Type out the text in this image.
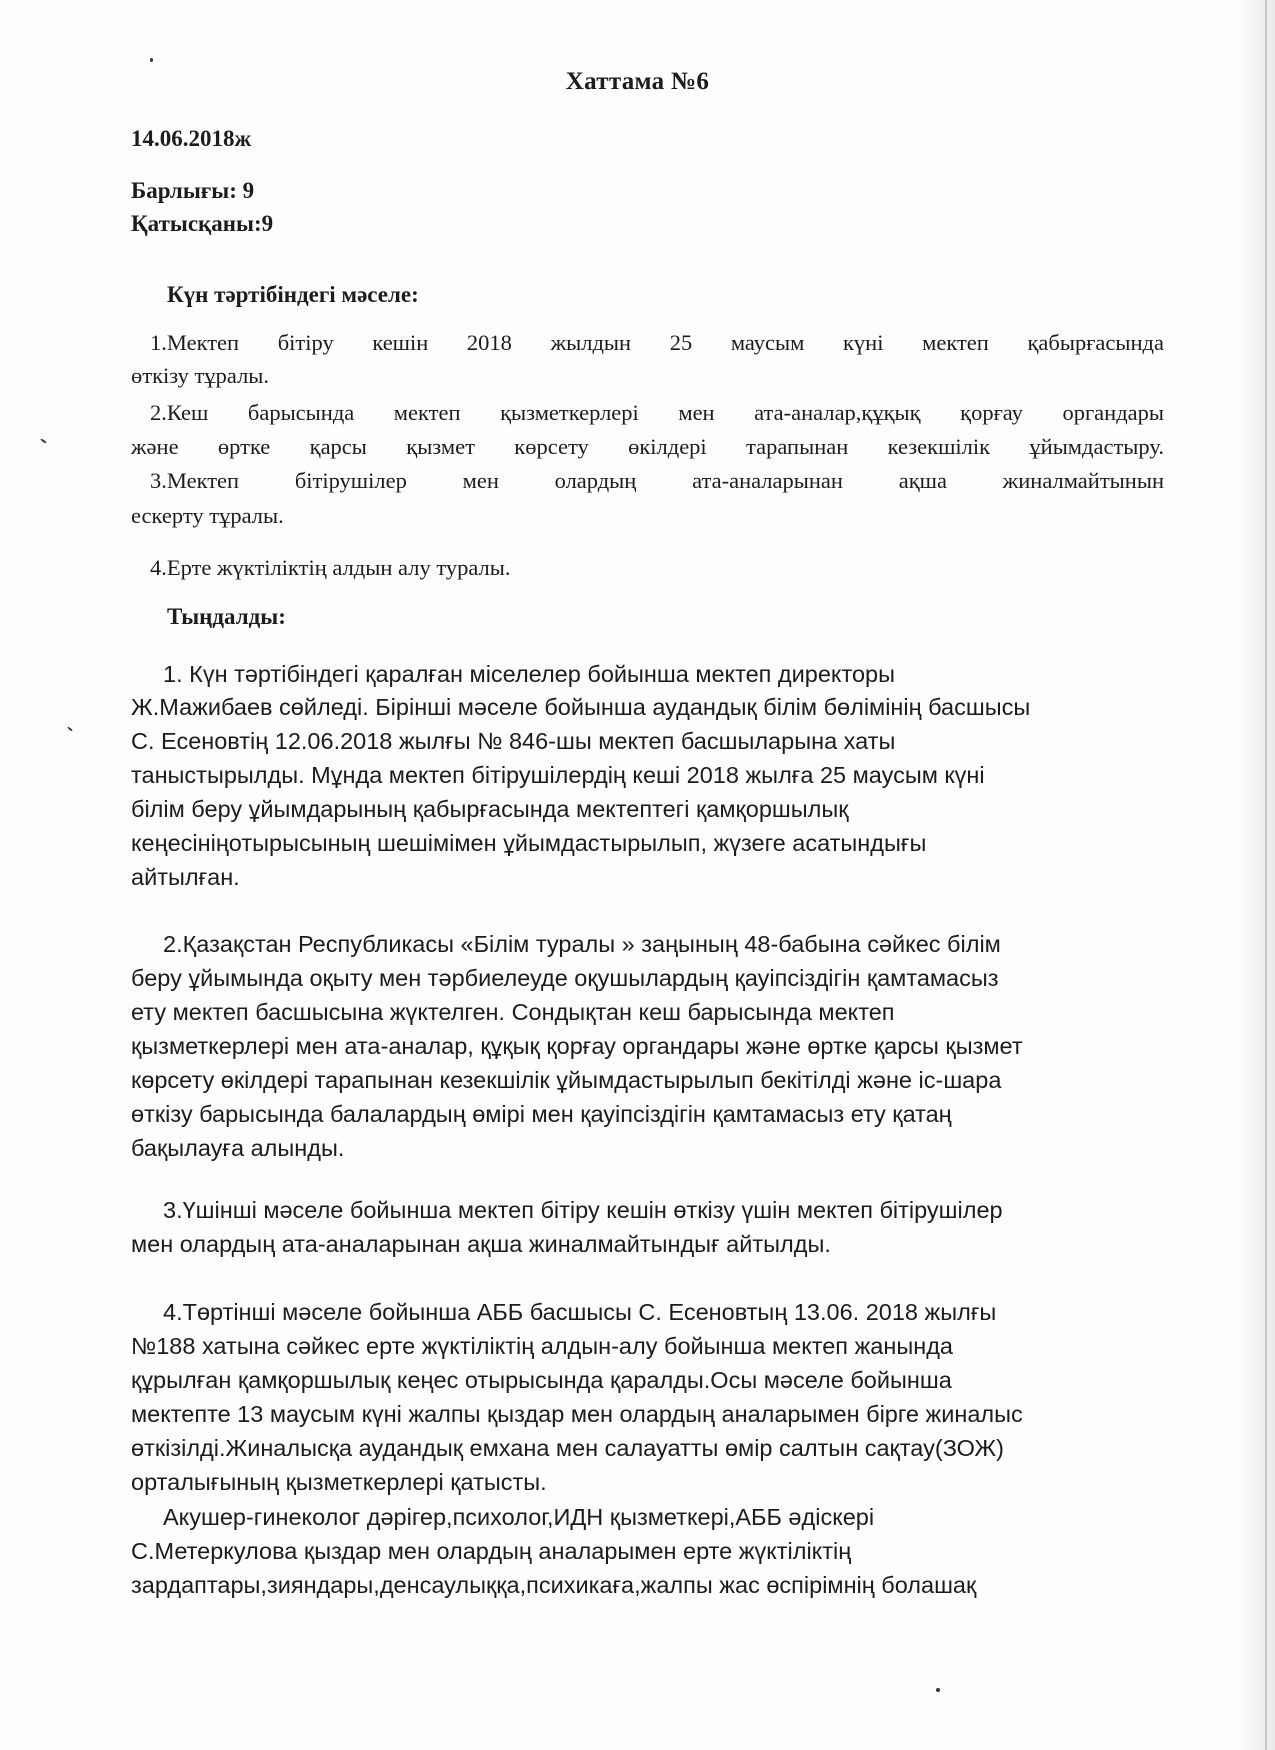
Хаттама №6
14.06.2018ж
Барлығы: 9
Қатысқаны:9
Күн тәртібіндегі мәселе:
1.Мектеп бітіру кешін 2018 жылдын 25 маусым күні мектеп қабырғасында
өткізу тұралы.
2.Кеш барысында мектеп қызметкерлері мен ата-аналар,құқық қорғау органдары
және өртке қарсы қызмет көрсету өкілдері тарапынан кезекшілік ұйымдастыру.
3.Мектеп бітірушілер мен олардың ата-аналарынан ақша жиналмайтынын
ескерту тұралы.
4.Ерте жүктіліктің алдын алу туралы.
Тыңдалды:
1. Күн тәртібіндегі қаралған міселелер бойынша мектеп директоры
Ж.Мажибаев сөйледі. Бірінші мәселе бойынша аудандық білім бөлімінің басшысы
С. Есеновтің 12.06.2018 жылғы № 846-шы мектеп басшыларына хаты
таныстырылды. Мұнда мектеп бітірушілердің кеші 2018 жылға 25 маусым күні
білім беру ұйымдарының қабырғасында мектептегі қамқоршылық
кеңесініңотырысының шешімімен ұйымдастырылып, жүзеге асатындығы
айтылған.
2.Қазақстан Республикасы «Білім туралы » заңының 48-бабына сәйкес білім
беру ұйымында оқыту мен тәрбиелеуде оқушылардың қауіпсіздігін қамтамасыз
ету мектеп басшысына жүктелген. Сондықтан кеш барысында мектеп
қызметкерлері мен ата-аналар, құқық қорғау органдары және өртке қарсы қызмет
көрсету өкілдері тарапынан кезекшілік ұйымдастырылып бекітілді және іс-шара
өткізу барысында балалардың өмірі мен қауіпсіздігін қамтамасыз ету қатаң
бақылауға алынды.
3.Үшінші мәселе бойынша мектеп бітіру кешін өткізу үшін мектеп бітірушілер
мен олардың ата-аналарынан ақша жиналмайтындығ айтылды.
4.Төртінші мәселе бойынша АББ басшысы С. Есеновтың 13.06. 2018 жылғы
№188 хатына сәйкес ерте жүктіліктің алдын-алу бойынша мектеп жанында
құрылған қамқоршылық кеңес отырысында қаралды.Осы мәселе бойынша
мектепте 13 маусым күні жалпы қыздар мен олардың аналарымен бірге жиналыс
өткізілді.Жиналысқа аудандық емхана мен салауатты өмір салтын сақтау(ЗОЖ)
орталығының қызметкерлері қатысты.
Акушер-гинеколог дәрігер,психолог,ИДН қызметкері,АББ әдіскері
С.Метеркулова қыздар мен олардың аналарымен ерте жүктіліктің
зардаптары,зияндары,денсаулыққа,психикаға,жалпы жас өспірімнің болашақ
